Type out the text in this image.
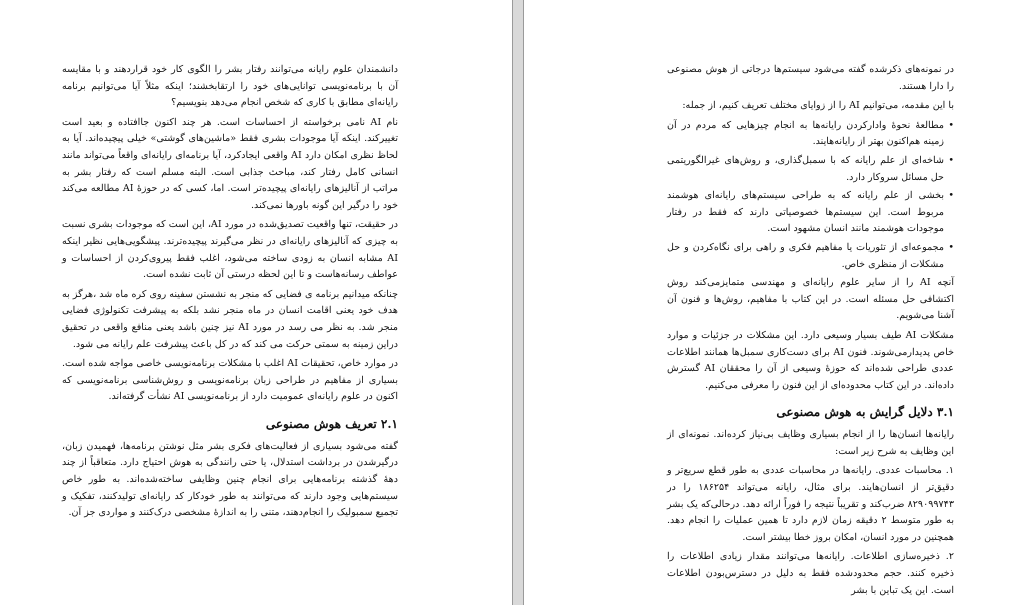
دانشمندان علوم رایانه می‌توانند رفتار بشر را الگوی کار خود قراردهند و با مقایسه آن با برنامه‌نویسی توانایی‌های خود را ارتقابخشند؛ اینکه مثلاً آیا می‌توانیم برنامه رایانه‌ای مطابق با کاری که شخص انجام می‌دهد بنویسیم؟

نام AI نامی برخواسته از احساسات است. هر چند اکنون جاافتاده و بعید است تغییرکند. اینکه آیا موجودات بشری فقط «ماشین‌های گوشتی» خیلی پیچیده‌اند. آیا به لحاظ نظری امکان دارد AI واقعی ایجادکرد، آیا برنامه‌ای رایانه‌ای واقعاً می‌تواند مانند انسانی کامل رفتار کند، مباحث جذابی است. البته مسلم است که رفتار بشر به مراتب از آنالیزهای رایانه‌ای پیچیده‌تر است. اما، کسی که در حوزهٔ AI مطالعه می‌کند خود را درگیر این گونه باورها نمی‌کند.

در حقیقت، تنها واقعیت تصدیق‌شده در مورد AI، این است که موجودات بشری نسبت به چیزی که آنالیزهای رایانه‌ای در نظر می‌گیرند پیچیده‌ترند. پیشگویی‌هایی نظیر اینکه AI مشابه انسان به زودی ساخته می‌شود، اغلب فقط پیروی‌کردن از احساسات و عواطف رسانه‌هاست و تا این لحظه درستی آن ثابت نشده است.

چنانکه میدانیم برنامه ی فضایی که منجر به نشستن سفینه روی کره ماه شد ،هرگز به هدف خود یعنی اقامت انسان در ماه منجر نشد بلکه به پیشرفت تکنولوژی فضایی منجر شد. به نظر می رسد در مورد AI نیز چنین باشد یعنی منافع واقعی در تحقیق دراین زمینه به سمتی حرکت می کند که در کل باعث پیشرفت علم رایانه می شود.

در موارد خاص، تحقیقات AI اغلب با مشکلات برنامه‌نویسی خاصی مواجه شده است. بسیاری از مفاهیم در طراحی زبان برنامه‌نویسی و روش‌شناسی برنامه‌نویسی که اکنون در علوم رایانه‌ای عمومیت دارد از برنامه‌نویسی AI نشأت گرفته‌اند.

۲.۱ تعریف هوش مصنوعی

گفته می‌شود بسیاری از فعالیت‌های فکری بشر مثل نوشتن برنامه‌ها، فهمیدن زبان، درگیرشدن در برداشت استدلال، یا حتی رانندگی به هوش احتیاج دارد. متعاقباً از چند دههٔ گذشته برنامه‌هایی برای انجام چنین وظایفی ساخته‌شده‌اند. به طور خاص سیستم‌هایی وجود دارند که می‌توانند به طور خودکار کد رایانه‌ای تولیدکنند، تفکیک و تجمیع سمبولیک را انجام‌دهند، متنی را به اندازهٔ مشخصی درک‌کنند و مواردی جز آن.

در نمونه‌های ذکرشده گفته می‌شود سیستم‌ها درجاتی از هوش مصنوعی را دارا هستند.

با این مقدمه، می‌توانیم AI را از زوایای مختلف تعریف کنیم، از جمله:

• مطالعهٔ نحوهٔ وادارکردن رایانه‌ها به انجام چیزهایی که مردم در آن زمینه هم‌اکنون بهتر از رایانه‌هایند.
• شاخه‌ای از علم رایانه که با سمبل‌گذاری، و روش‌های غیرالگوریتمی حل مسائل سروکار دارد.
• بخشی از علم رایانه که به طراحی سیستم‌های رایانه‌ای هوشمند مربوط است. این سیستم‌ها خصوصیاتی دارند که فقط در رفتار موجودات هوشمند مانند انسان مشهود است.
• مجموعه‌ای از تئوریات یا مفاهیم فکری و راهی برای نگاه‌کردن و حل مشکلات از منظری خاص.

آنچه AI را از سایر علوم رایانه‌ای و مهندسی متمایزمی‌کند روش اکتشافی حل مسئله است. در این کتاب با مفاهیم، روش‌ها و فنون آن آشنا می‌شویم.

مشکلات AI طیف بسیار وسیعی دارد. این مشکلات در جزئیات و موارد خاص پدیدارمی‌شوند. فنون AI برای دست‌کاری سمبل‌ها همانند اطلاعات عددی طراحی شده‌اند که حوزهٔ وسیعی از آن را محققان AI گسترش داده‌اند. در این کتاب محدوده‌ای از این فنون را معرفی می‌کنیم.

۳.۱ دلایل گرایش به هوش مصنوعی

رایانه‌ها انسان‌ها را از انجام بسیاری وظایف بی‌نیاز کرده‌اند. نمونه‌ای از این وظایف به شرح زیر است:

۱. محاسبات عددی. رایانه‌ها در محاسبات عددی به طور قطع سریع‌تر و دقیق‌تر از انسان‌هایند. برای مثال، رایانه می‌تواند ۱۸۶۲۵۴ را در ۸۲۹۰۹۹۷۴۳ ضرب‌کند و تقریباً نتیجه را فوراً ارائه دهد. درحالی‌که یک بشر به طور متوسط ۲ دقیقه زمان لازم دارد تا همین عملیات را انجام دهد. همچنین در مورد انسان، امکان بروز خطا بیشتر است.

۲. ذخیره‌سازی اطلاعات. رایانه‌ها می‌توانند مقدار زیادی اطلاعات را ذخیره کنند. حجم محدودشده فقط به دلیل در دسترس‌بودن اطلاعات است. این یک تباین با بشر
